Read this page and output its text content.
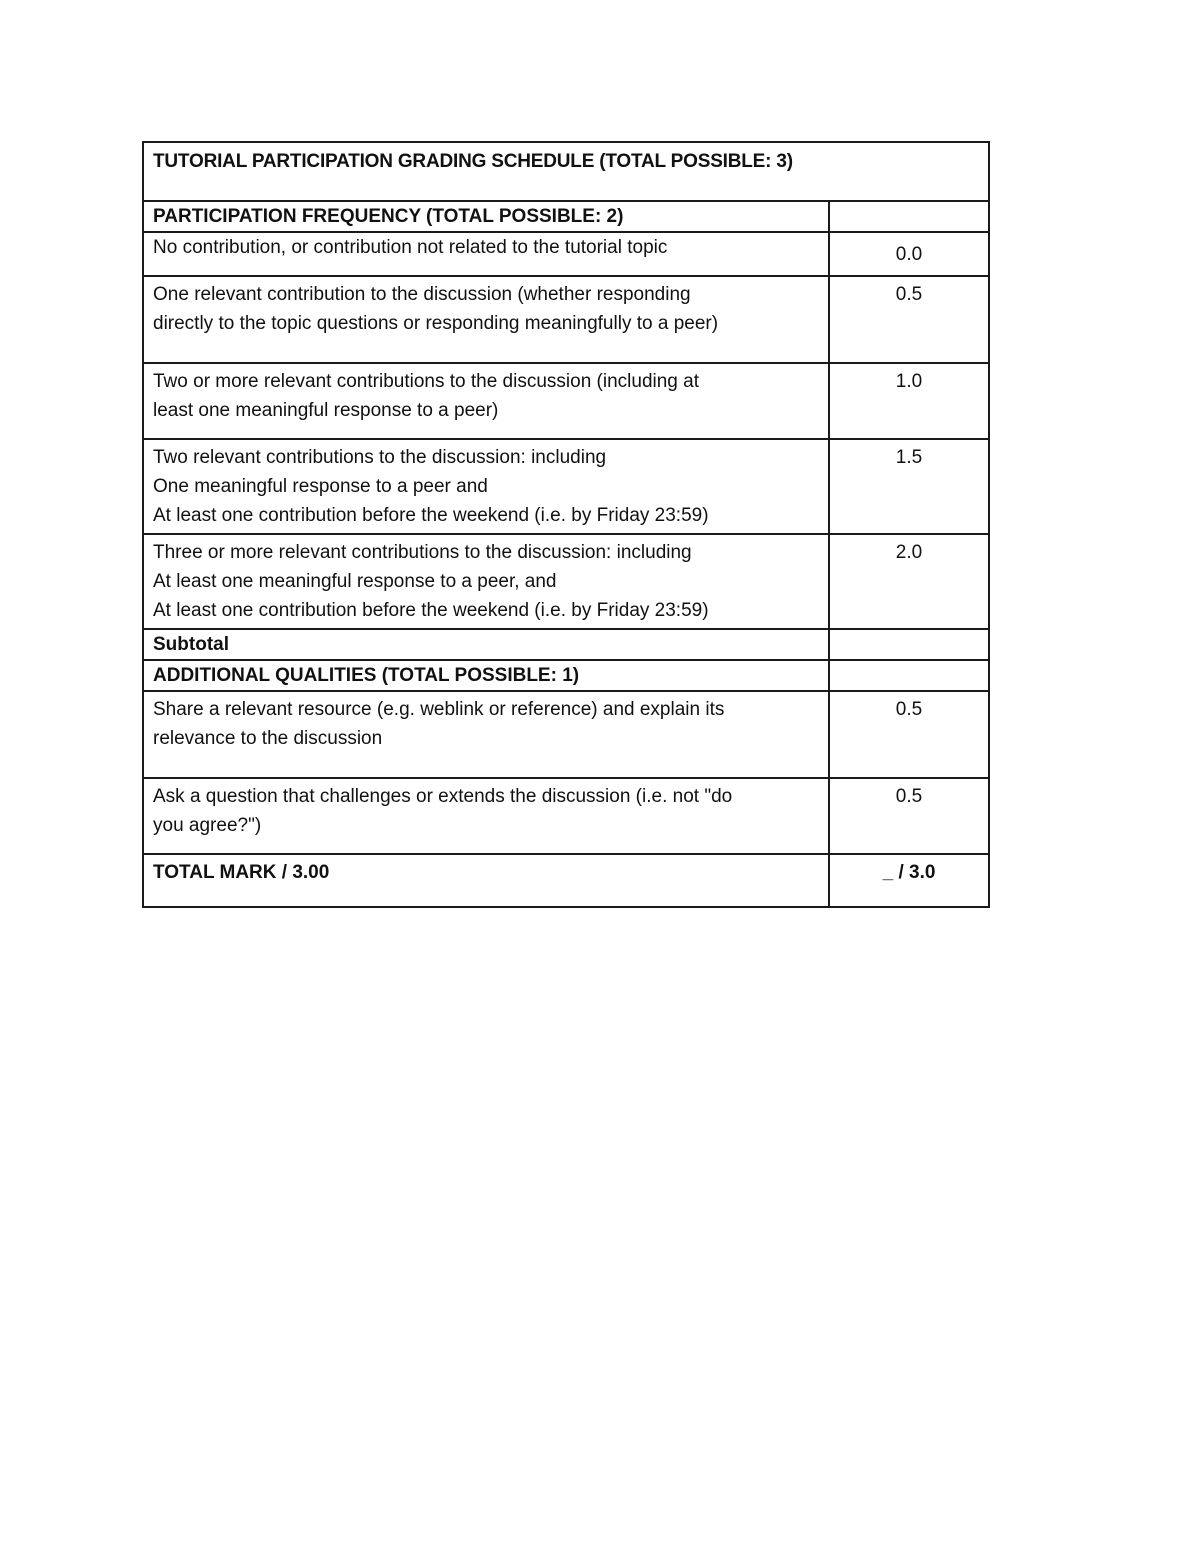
TUTORIAL PARTICIPATION GRADING SCHEDULE (TOTAL POSSIBLE: 3)	

PARTICIPATION FREQUENCY (TOTAL POSSIBLE: 2)	

No contribution, or contribution not related to the tutorial topic	0.0

One relevant contribution to the discussion (whether responding
directly to the topic questions or responding meaningfully to a peer)	0.5

Two or more relevant contributions to the discussion (including at
least one meaningful response to a peer)	1.0

Two relevant contributions to the discussion: including
One meaningful response to a peer and
At least one contribution before the weekend (i.e. by Friday 23:59)	1.5

Three or more relevant contributions to the discussion: including
At least one meaningful response to a peer, and
At least one contribution before the weekend (i.e. by Friday 23:59)	2.0
Subtotal	
ADDITIONAL QUALITIES (TOTAL POSSIBLE: 1)	

Share a relevant resource (e.g. weblink or reference) and explain its
relevance to the discussion	0.5

Ask a question that challenges or extends the discussion (i.e. not "do
you agree?")	0.5
TOTAL MARK / 3.00	_ / 3.0
